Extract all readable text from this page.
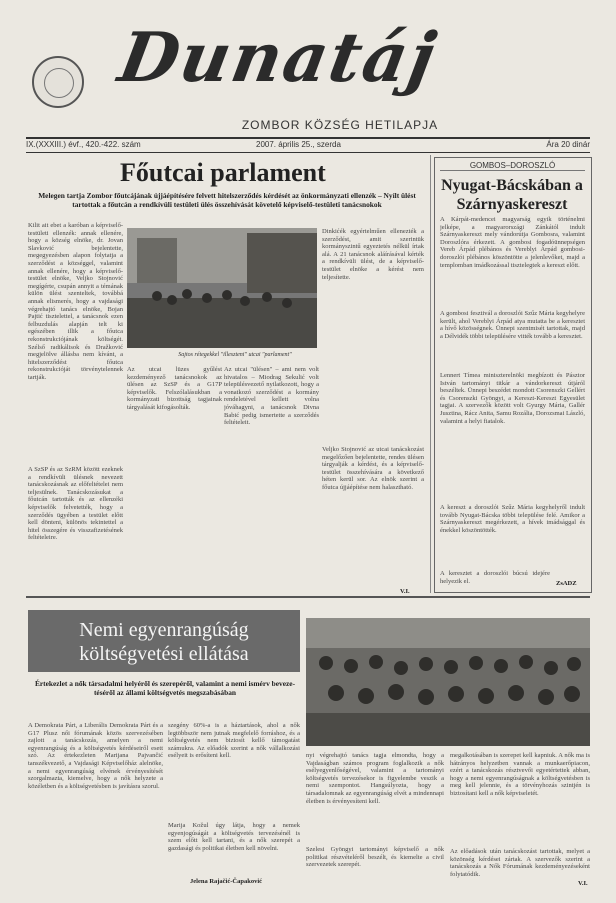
Dunatáj
ZOMBOR KÖZSÉG HETILAPJA
IX.(XXXIII.) évf., 420.-422. szám	2007. április 25., szerda	Ára 20 dinár
Főutcai parlament
Melegen tartja Zombor főutcájának újjáépítésére felvett hitelszerződés kérdését az önkormányzati ellenzék – Nyílt ülést tartottak a főutcán a rendkívüli testületi ülés összehívását követelő képviselő-testületi tanácsnokok
Kilit ait ebet a karóban a képviselő-testületi ellenzék: annak ellenére, hogy a község elnöke, dr. Jovan Slavković bejelentette, megegyezésben alapon folytatja a szerződést a községgel, valamint annak ellenére, hogy a képviselő-testület elnöke, Veljko Stojnović megígérte, csupán annyit a témának külön ülést szenteltek, továbbá annak elismerés, hogy a vajdasági végrehajtó tanács elnöke, Bojan Pajtić tisztelettel, a tanácsnok ezen felbuzdulás alapján telt ki egészében illik a főutca rekonstrukciójának költségét. Szélső radikálisok és Dražković megjelölve állásba nem kívánt, a hitelszerződést főutca rekonstrukcióját törvénytelennek tartják.
A SzSP és az SzRM között ezeknek a rendkívüli ülésnek nevezett tanácskozásnak az előfeltételei nem teljesülnek. Tanácskozásukat a főutcán tartották és az ellenzéki képviselők felvetették, hogy a szerződés ügyében a testület előtt kell dönteni, különös tekintettel a hitel összegére és visszafizetésének feltételeire.
Sajtos rétegekkel "illeszteni" utcai "parlament"
Az utcai lüzes gyűlést kezdeményező tanácsnokok az ülésen az SzSP és a G17P képviselők. Felszólalásukban a kormányzati bizottság tagjainak tárgyalását kifogásolták.
Az utcai "ülésen" – ami nem volt hivatalos – Miodrag Sekulić volt településvezető nyilatkozott, hogy a vonatkozó szerződést a kormány rendeletével kellett volna jóváhagyni, a tanácsnok Divna Babić pedig ismertette a szerződés feltételeit.
Dinkićék egyértelműen ellenezték a szerződést, amit szerintük kormányszintű egyeztetés nélkül írtak alá. A 21 tanácsnok aláírásával kérték a rendkívüli ülést, de a képviselő-testület elnöke a kérést nem teljesítette.
Veljko Stojnović az utcai tanácskozást megelőzően bejelentette, rendes ülésen tárgyalják a kérdést, és a képviselő-testület összehívására a következő héten kerül sor. Az elnök szerint a főutca újjáépítése nem halasztható.
V.I.
GOMBOS–DOROSZLÓ
Nyugat-Bácskában a Szárnyaskereszt
A Kárpát-medencei magyarság egyik történelmi jelképe, a magyarországi Zánkától indult Szárnyaskereszt mely vándorútja Gombosra, valamint Doroszlóra érkezett. A gombosi fogadóünnepségen Vereb Árpád plébános és Vereblyi Árpád gombosi-doroszlói plébános köszöntötte a jelenlevőket, majd a templomban imádkozással tisztelegtek a kereszt előtt.
A gombosi fesztivál a doroszlói Szűz Mária kegyhelyre került, ahol Vereblyi Árpád atya mutatta be a keresztet a hívő közösségnek. Ünnepi szentmisét tartottak, majd a Délvidék többi településére vitték tovább a keresztet.
Lennert Tímea miniszterelnöki megbízott és Pásztor István tartományi titkár a vándorkereszt útjáról beszéltek. Ünnepi beszédet mondott Csorenszki Gellért és Csorenszki Gyöngyi, a Kereszt-Kereszt Egyesület tagjai. A szervezők között volt Gyurgy Mária, Gallér Jusztina, Rácz Anita, Samu Rozália, Dorozsmai László, valamint a helyi fiatalok.
A kereszt a doroszlói Szűz Mária kegyhelyről indult tovább Nyugat-Bácska többi települése felé. Amikor a Szárnyaskereszt megérkezett, a hívek imádsággal és énekkel köszöntötték.
A keresztet a doroszlói búcsú idejére helyezik el.	ZsADZ
Nemi egyenrangúság
költségvetési ellátása
Értekezlet a nők társadalmi helyéről és szerepéről, valamint a nemi ismérv bevezetéséről az állami költségvetés megszabásában
A Demokrata Párt, a Liberális Demokrata Párt és a G17 Plusz női fórumának közös szervezésében zajlott a tanácskozás, amelyen a nemi egyenrangúság és a költségvetés kérdéseiről esett szó. Az értekezleten Marijana Pajvančić tanszékvezető, a Vajdasági Képviselőház alelnöke, a nemi egyenrangúság elvének érvényesítését szorgalmazta, kiemelve, hogy a nők helyzete a közéletben és a költségvetésben is javításra szorul.
szegény 60%-a is a háztartások, ahol a nők legtöbbször nem jutnak megfelelő forráshoz, és a költségvetés nem biztosít kellő támogatást számukra. Az előadók szerint a nők vállalkozási esélyeit is erősíteni kell.
Marija Kožul úgy látja, hogy a nemek egyenjogúságát a költségvetés tervezésénél is szem előtt kell tartani, és a nők szerepét a gazdasági és politikai életben kell növelni.
Jelena Rajačić-Čapaković
nyi végrehajtó tanács tagja elmondta, hogy a Vajdaságban számos program foglalkozik a nők esélyegyenlőségével, valamint a tartományi költségvetés tervezésekor is figyelembe veszik a nemi szempontot. Hangsúlyozta, hogy a társadalomnak az egyenrangúság elvét a mindennapi életben is érvényesíteni kell.
Szelesi Gyöngyi tartományi képviselő a nők politikai részvételéről beszélt, és kiemelte a civil szervezetek szerepét.
megalkotásában is szerepet kell kapniuk. A nők ma is hátrányos helyzetben vannak a munkaerőpiacon, ezért a tanácskozás résztvevői egyetértettek abban, hogy a nemi egyenrangúságnak a költségvetésben is meg kell jelennie, és a törvényhozás szintjén is biztosítani kell a nők képviseletét.
Az előadások után tanácskozást tartottak, melyet a közönség kérdései zártak. A szervezők szerint a tanácskozás a Nők Fórumának kezdeményezéseként folytatódik.
V.I.
